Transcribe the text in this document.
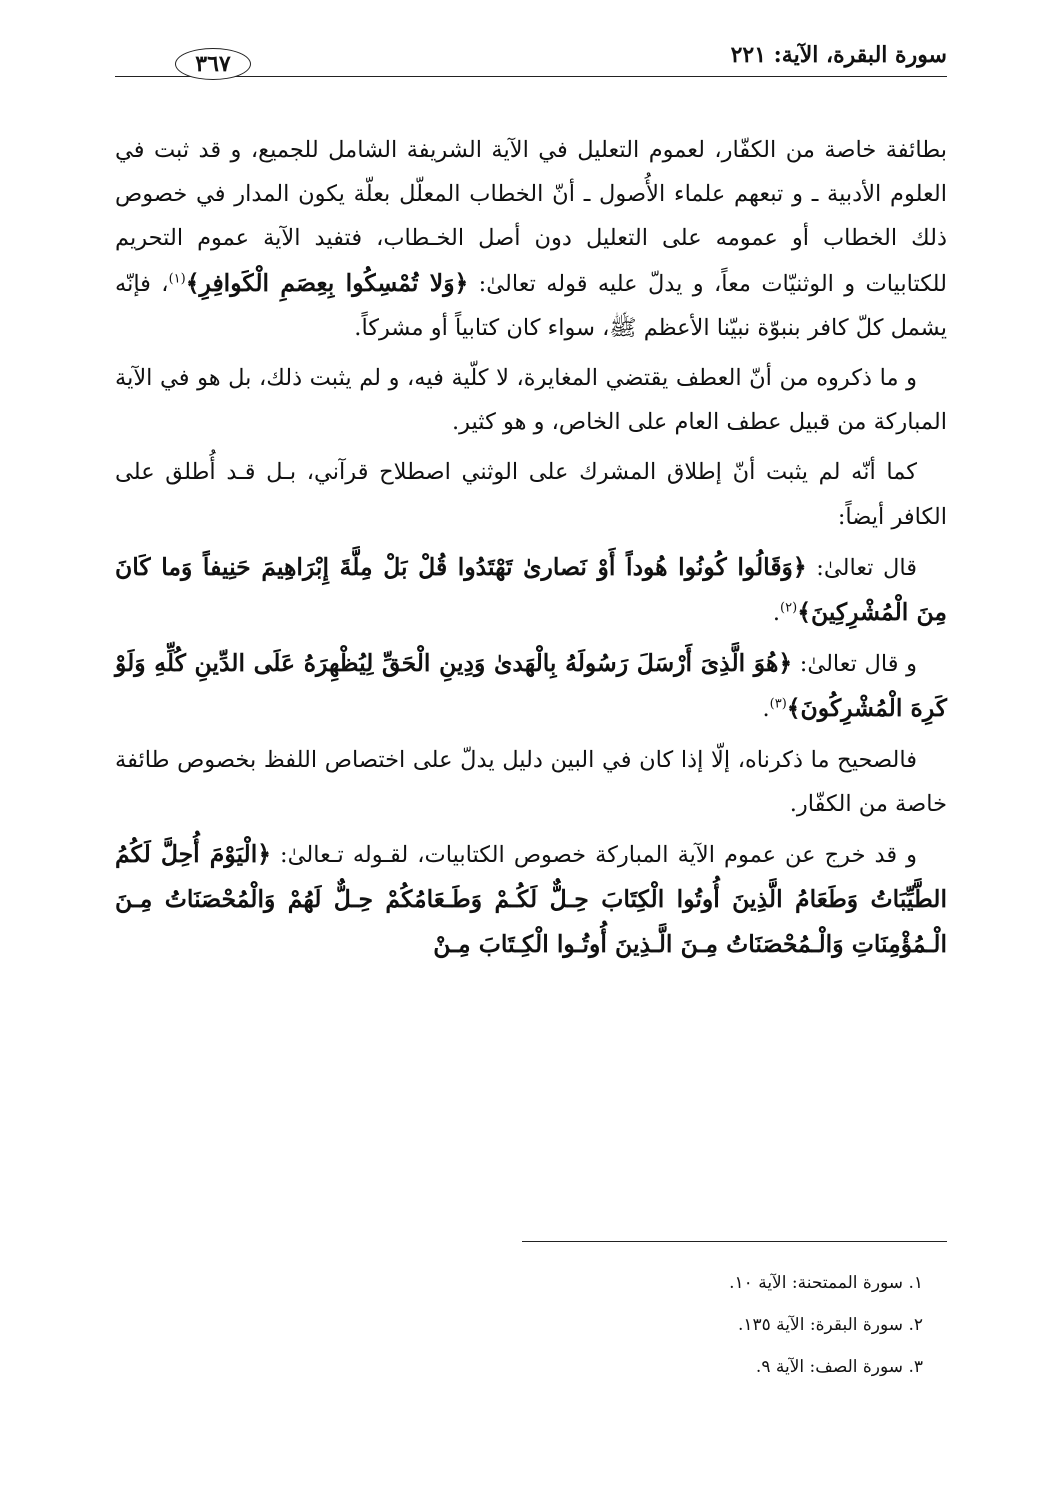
سورة البقرة، الآية: ٢٢١
٣٦٧

بطائفة خاصة من الكفّار، لعموم التعليل في الآية الشريفة الشامل للجميع، و قد ثبت في العلوم الأدبية ـ و تبعهم علماء الأُصول ـ أنّ الخطاب المعلّل بعلّة يكون المدار في خصوص ذلك الخطاب أو عمومه على التعليل دون أصل الخـطاب، فتفيد الآية عموم التحريم للكتابيات و الوثنيّات معاً، و يدلّ عليه قوله تعالىٰ: ﴿وَلا تُمْسِكُوا بِعِصَمِ الْكَوافِرِ﴾$^{(١)}$، فإنّه يشمل كلّ كافر بنبوّة نبيّنا الأعظم ﷺ، سواء كان كتابياً أو مشركاً.

و ما ذكروه من أنّ العطف يقتضي المغايرة، لا كلّية فيه، و لم يثبت ذلك، بل هو في الآية المباركة من قبيل عطف العام على الخاص، و هو كثير.

كما أنّه لم يثبت أنّ إطلاق المشرك على الوثني اصطلاح قرآني، بـل قـد أُطلق على الكافر أيضاً:

قال تعالىٰ: ﴿وَقَالُوا كُونُوا هُوداً أَوْ نَصارىٰ تَهْتَدُوا قُلْ بَلْ مِلَّةَ إِبْرَاهِيمَ حَنِيفاً وَما كَانَ مِنَ الْمُشْرِكِينَ﴾$^{(٢)}$.

و قال تعالىٰ: ﴿هُوَ الَّذِىَ أَرْسَلَ رَسُولَهُ بِالْهَدىٰ وَدِينِ الْحَقِّ لِيُظْهِرَهُ عَلَى الدِّينِ كُلِّهِ وَلَوْ كَرِهَ الْمُشْرِكُونَ﴾$^{(٣)}$.

فالصحيح ما ذكرناه، إلّا إذا كان في البين دليل يدلّ على اختصاص اللفظ بخصوص طائفة خاصة من الكفّار.

و قد خرج عن عموم الآية المباركة خصوص الكتابيات، لقـوله تـعالىٰ: ﴿الْيَوْمَ أُحِلَّ لَكُمُ الطَّيِّبَاتُ وَطَعَامُ الَّذِينَ أُوتُوا الْكِتَابَ حِـلٌّ لَكُـمْ وَطَـعَامُكُمْ حِـلٌّ لَهُمْ وَالْمُحْصَنَاتُ مِـنَ الْـمُؤْمِنَاتِ وَالْـمُحْصَنَاتُ مِـنَ الَّـذِينَ أُوتُـوا الْكِـتَابَ مِـنْ

١. سورة الممتحنة: الآية ١٠.
٢. سورة البقرة: الآية ١٣٥.
٣. سورة الصف: الآية ٩.
